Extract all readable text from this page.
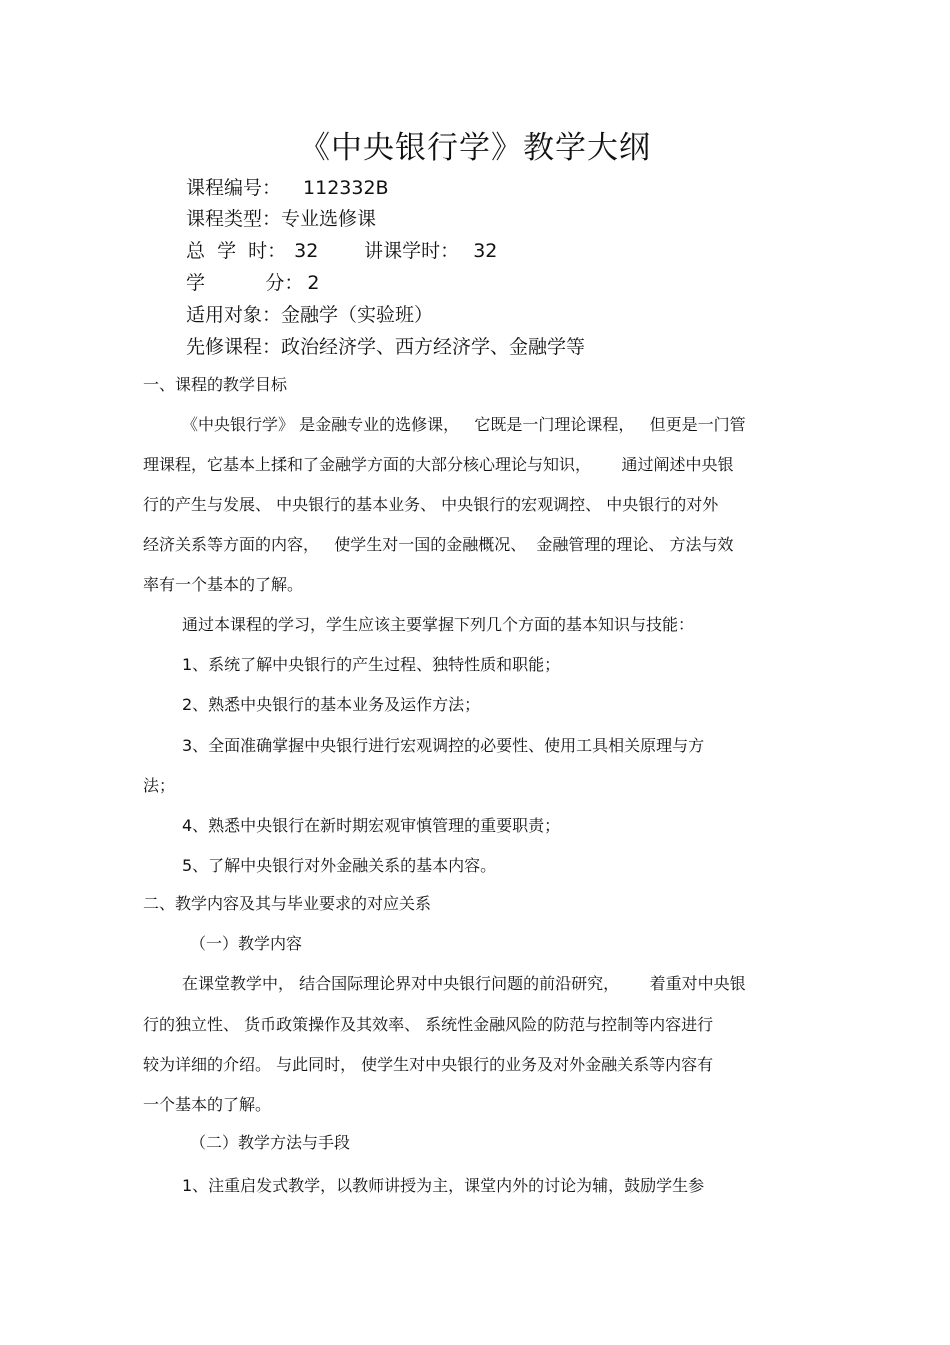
《中央银行学》教学大纲
课程编号： 112332B
课程类型：专业选修课
总  学  时： 32 讲课学时： 32
学          分： 2
适用对象：金融学（实验班）
先修课程：政治经济学、西方经济学、金融学等
一、课程的教学目标
《中央银行学》 是金融专业的选修课，   它既是一门理论课程，   但更是一门管
理课程，它基本上揉和了金融学方面的大部分核心理论与知识，      通过阐述中央银
行的产生与发展、 中央银行的基本业务、 中央银行的宏观调控、 中央银行的对外
经济关系等方面的内容，   使学生对一国的金融概况、  金融管理的理论、 方法与效
率有一个基本的了解。
通过本课程的学习，学生应该主要掌握下列几个方面的基本知识与技能：
1、系统了解中央银行的产生过程、独特性质和职能；
2、熟悉中央银行的基本业务及运作方法；
3、全面准确掌握中央银行进行宏观调控的必要性、使用工具相关原理与方
法；
4、熟悉中央银行在新时期宏观审慎管理的重要职责；
5、了解中央银行对外金融关系的基本内容。
二、教学内容及其与毕业要求的对应关系
（一）教学内容
在课堂教学中， 结合国际理论界对中央银行问题的前沿研究，      着重对中央银
行的独立性、 货币政策操作及其效率、 系统性金融风险的防范与控制等内容进行
较为详细的介绍。 与此同时， 使学生对中央银行的业务及对外金融关系等内容有
一个基本的了解。
（二）教学方法与手段
1、注重启发式教学，以教师讲授为主，课堂内外的讨论为辅，鼓励学生参
